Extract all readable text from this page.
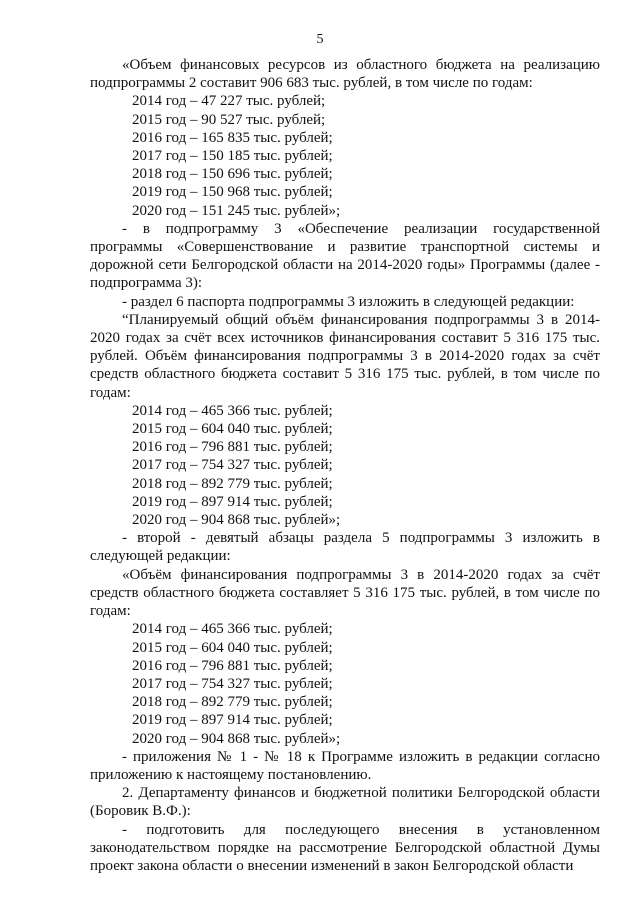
5
«Объем финансовых ресурсов из областного бюджета на реализацию подпрограммы 2 составит 906 683 тыс. рублей, в том числе по годам:
2014 год – 47 227 тыс. рублей;
2015 год – 90 527 тыс. рублей;
2016 год – 165 835 тыс. рублей;
2017 год – 150 185 тыс. рублей;
2018 год – 150 696 тыс. рублей;
2019 год – 150 968 тыс. рублей;
2020 год – 151 245 тыс. рублей»;
- в подпрограмму 3 «Обеспечение реализации государственной программы «Совершенствование и развитие транспортной системы и дорожной сети Белгородской области на 2014-2020 годы» Программы (далее - подпрограмма 3):
- раздел 6 паспорта подпрограммы 3 изложить в следующей редакции:
“Планируемый общий объём финансирования подпрограммы 3 в 2014-2020 годах за счёт всех источников финансирования составит 5 316 175 тыс. рублей. Объём финансирования подпрограммы 3 в 2014-2020 годах за счёт средств областного бюджета составит 5 316 175 тыс. рублей, в том числе по годам:
2014 год – 465 366 тыс. рублей;
2015 год – 604 040 тыс. рублей;
2016 год – 796 881 тыс. рублей;
2017 год – 754 327 тыс. рублей;
2018 год – 892 779 тыс. рублей;
2019 год – 897 914 тыс. рублей;
2020 год – 904 868 тыс. рублей»;
- второй - девятый абзацы раздела 5 подпрограммы 3 изложить в следующей редакции:
«Объём финансирования подпрограммы 3 в 2014-2020 годах за счёт средств областного бюджета составляет 5 316 175 тыс. рублей, в том числе по годам:
2014 год – 465 366 тыс. рублей;
2015 год – 604 040 тыс. рублей;
2016 год – 796 881 тыс. рублей;
2017 год – 754 327 тыс. рублей;
2018 год – 892 779 тыс. рублей;
2019 год – 897 914 тыс. рублей;
2020 год – 904 868 тыс. рублей»;
- приложения № 1 - № 18 к Программе изложить в редакции согласно приложению к настоящему постановлению.
2. Департаменту финансов и бюджетной политики Белгородской области (Боровик В.Ф.):
- подготовить для последующего внесения в установленном законодательством порядке на рассмотрение Белгородской областной Думы проект закона области о внесении изменений в закон Белгородской области
